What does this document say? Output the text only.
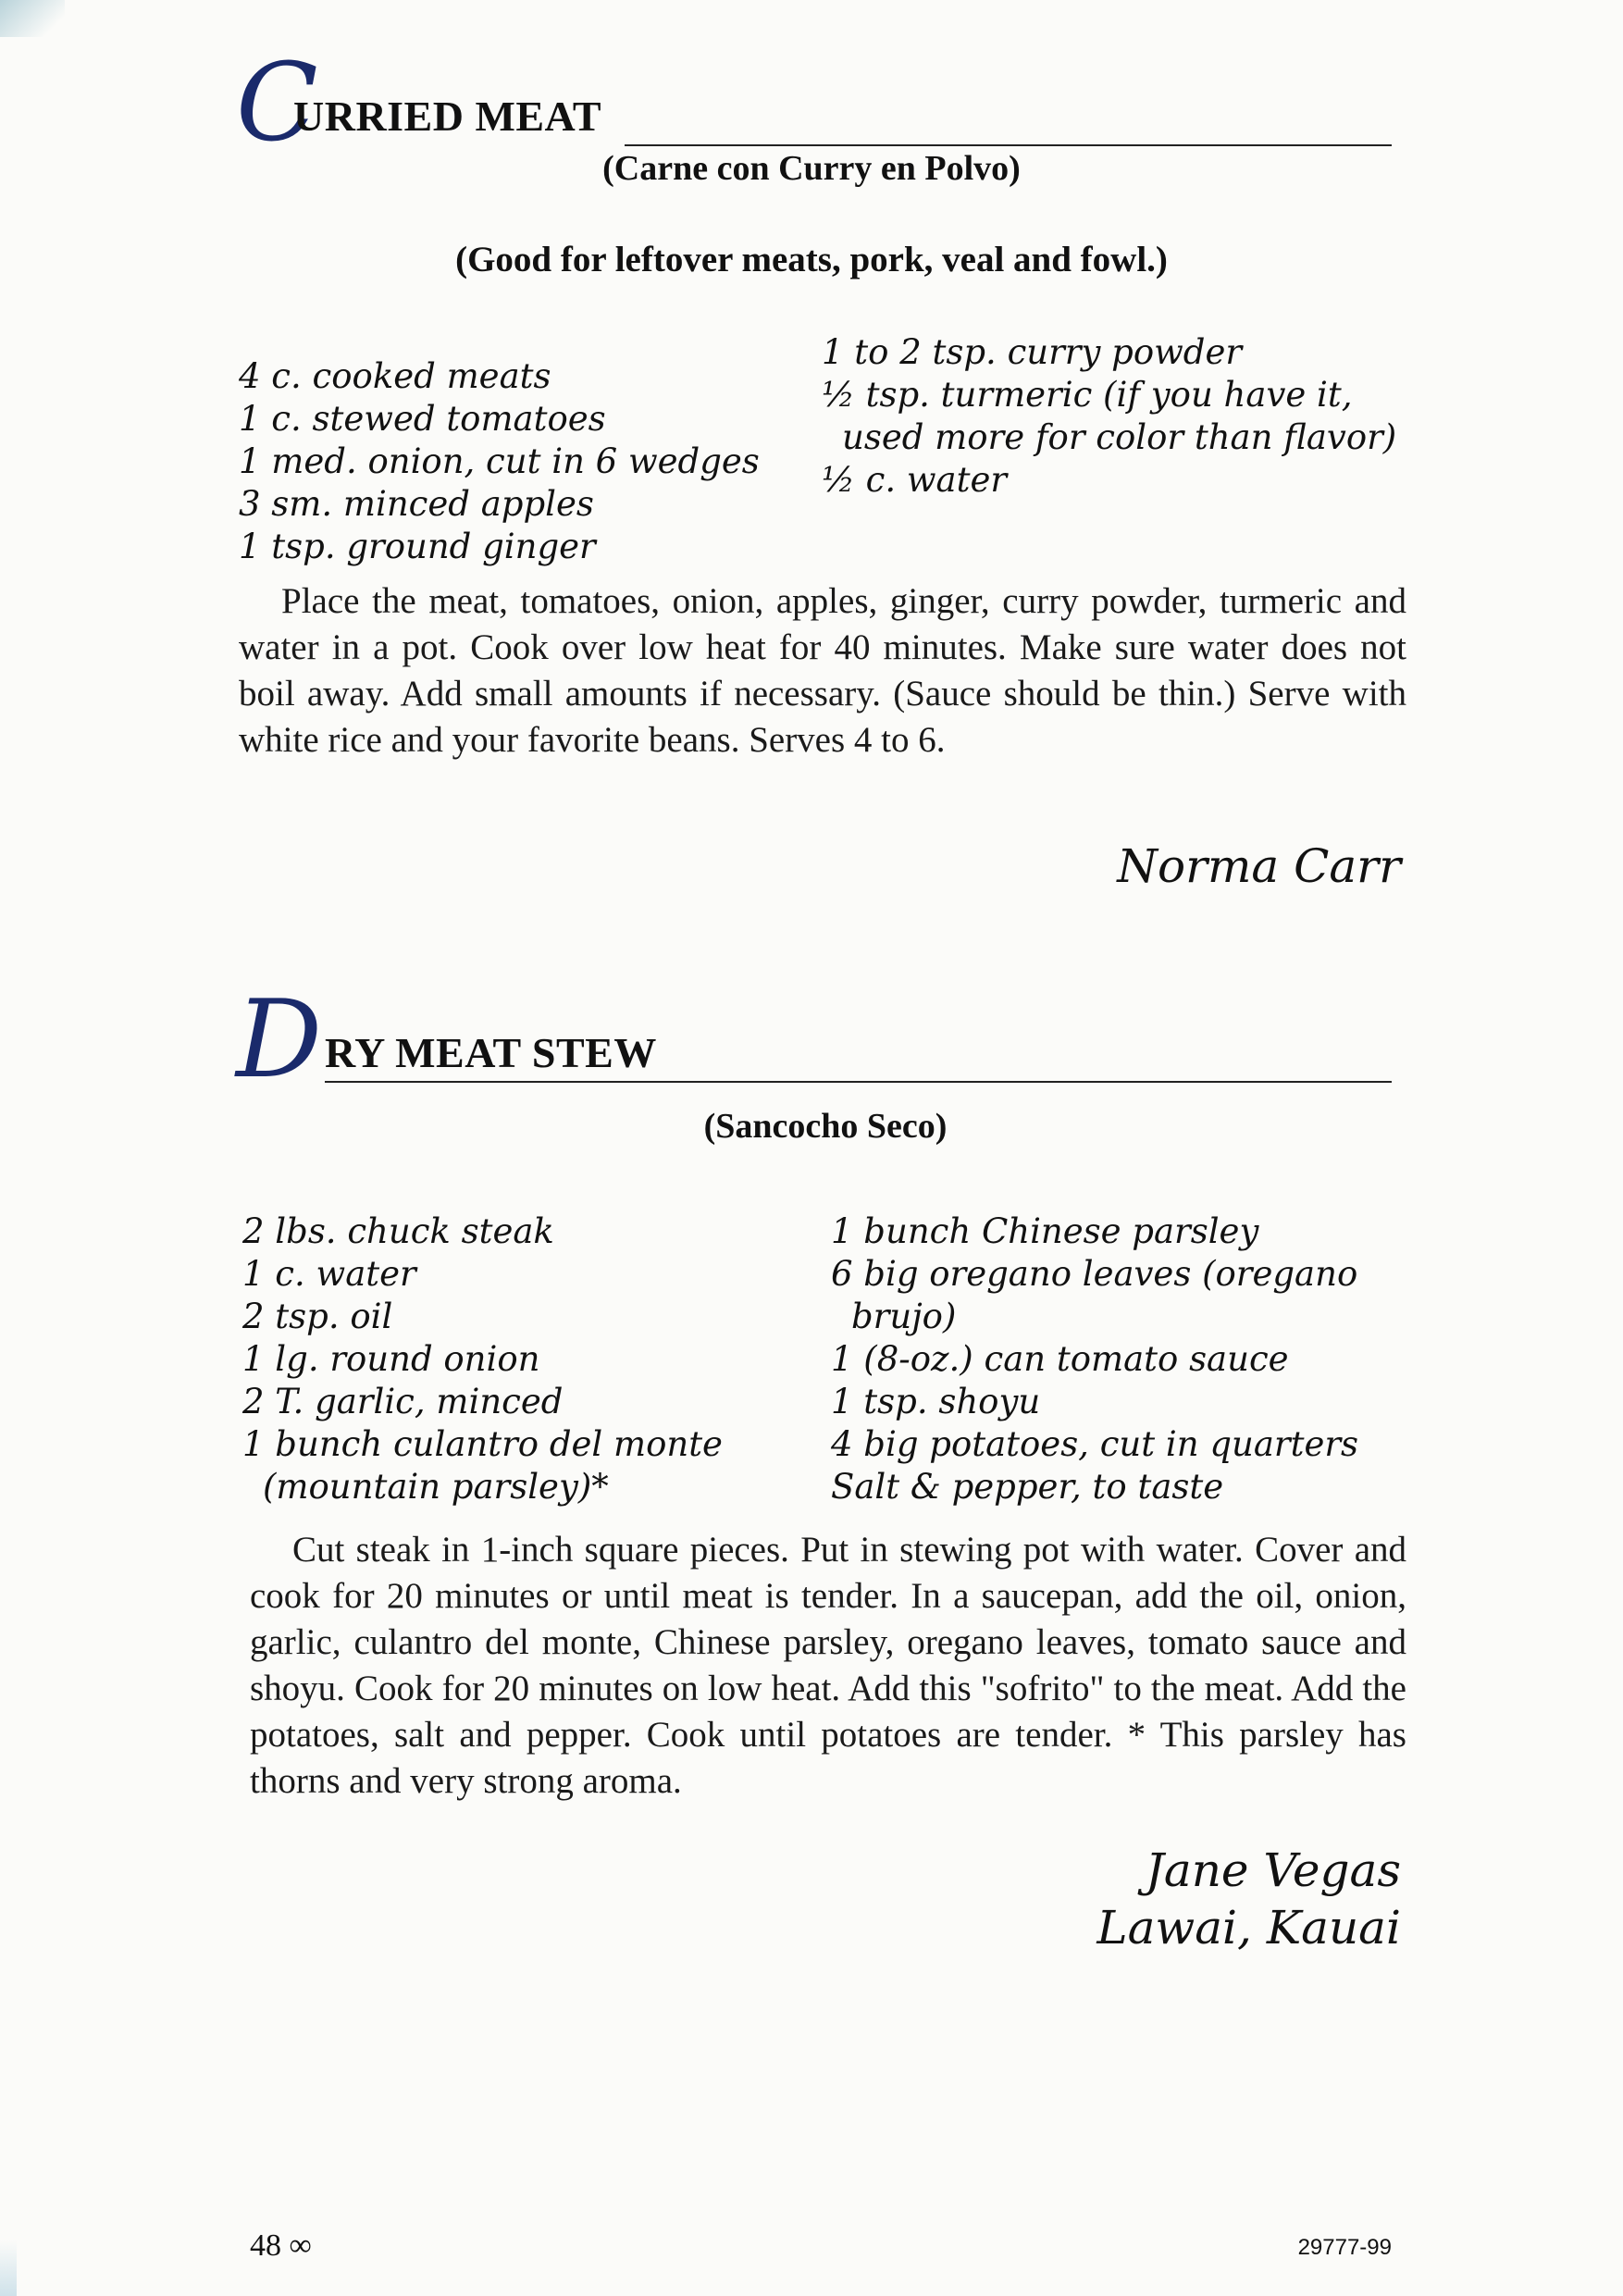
C
URRIED MEAT
(Carne con Curry en Polvo)
(Good for leftover meats, pork, veal and fowl.)
4 c. cooked meats
1 c. stewed tomatoes
1 med. onion, cut in 6 wedges
3 sm. minced apples
1 tsp. ground ginger
1 to 2 tsp. curry powder
½ tsp. turmeric (if you have it,
used more for color than flavor)
½ c. water

Place the meat, tomatoes, onion, apples, ginger, curry powder, turmeric and water in a pot. Cook over low heat for 40 minutes. Make sure water does not boil away. Add small amounts if necessary. (Sauce should be thin.) Serve with white rice and your favorite beans. Serves 4 to 6.

Norma Carr
D RY MEAT STEW
(Sancocho Seco)
2 lbs. chuck steak
1 c. water
2 tsp. oil
1 lg. round onion
2 T. garlic, minced
1 bunch culantro del monte
(mountain parsley)*
1 bunch Chinese parsley
6 big oregano leaves (oregano
brujo)
1 (8-oz.) can tomato sauce
1 tsp. shoyu
4 big potatoes, cut in quarters
Salt & pepper, to taste

Cut steak in 1-inch square pieces. Put in stewing pot with water. Cover and cook for 20 minutes or until meat is tender. In a saucepan, add the oil, onion, garlic, culantro del monte, Chinese parsley, oregano leaves, tomato sauce and shoyu. Cook for 20 minutes on low heat. Add this "sofrito" to the meat. Add the potatoes, salt and pepper. Cook until potatoes are tender. * This parsley has thorns and very strong aroma.

Jane Vegas
Lawai, Kauai
48 ∞	29777-99
